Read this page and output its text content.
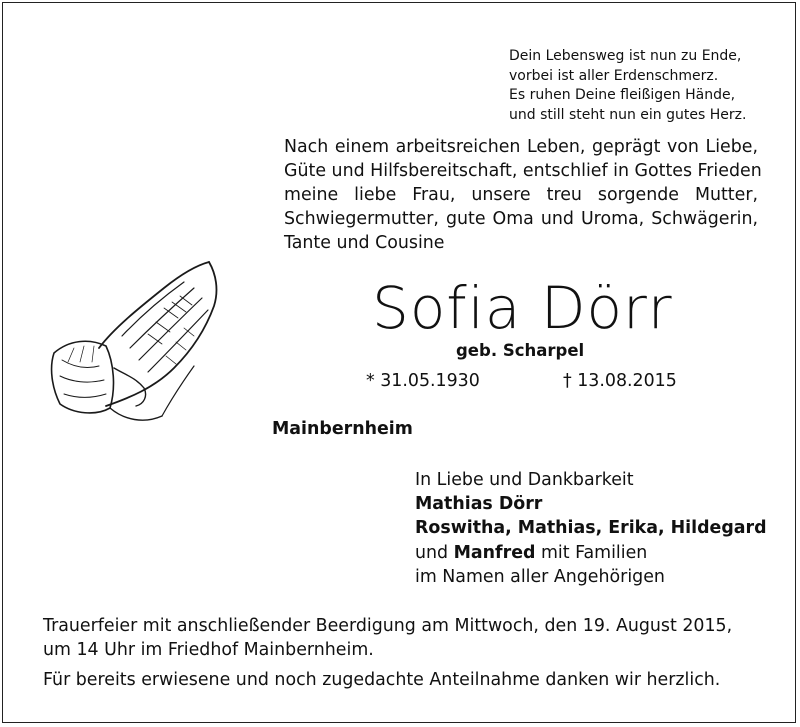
Dein Lebensweg ist nun zu Ende,
vorbei ist aller Erdenschmerz.
Es ruhen Deine fleißigen Hände,
und still steht nun ein gutes Herz.
Nach einem arbeitsreichen Leben, geprägt von Liebe,
Güte und Hilfsbereitschaft, entschlief in Gottes Frieden
meine liebe Frau, unsere treu sorgende Mutter,
Schwiegermutter, gute Oma und Uroma, Schwägerin,
Tante und Cousine
Sofia Dörr
geb. Scharpel
* 31.05.1930	† 13.08.2015
Mainbernheim
In Liebe und Dankbarkeit
Mathias Dörr
Roswitha, Mathias, Erika, Hildegard
und Manfred mit Familien
im Namen aller Angehörigen
Trauerfeier mit anschließender Beerdigung am Mittwoch, den 19. August 2015,
um 14 Uhr im Friedhof Mainbernheim.
Für bereits erwiesene und noch zugedachte Anteilnahme danken wir herzlich.
